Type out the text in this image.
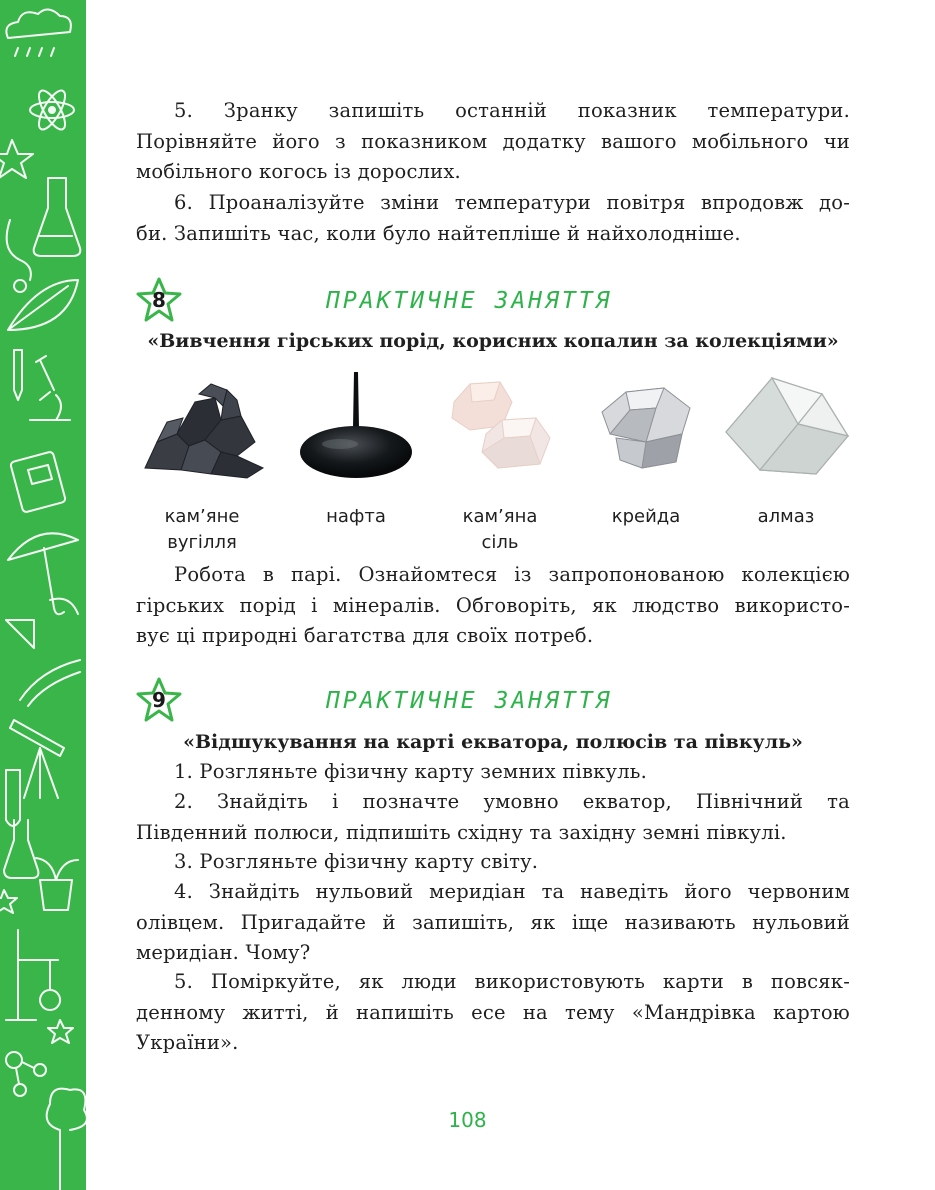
5. Зранку запишіть останній показник температури.
Порівняйте його з показником додатку вашого мобільного чи
мобільного когось із дорослих.
6. Проаналізуйте зміни температури повітря впродовж до-
би. Запишіть час, коли було найтепліше й найхолодніше.
8	ПРАКТИЧНЕ ЗАНЯТТЯ
«Вивчення гірських порід, корисних копалин за колекціями»
кам’яне
вугілля
нафта	кам’яна
сіль
крейда	алмаз
Робота в парі. Ознайомтеся із запропонованою колекцією
гірських порід і мінералів. Обговоріть, як людство використо-
вує ці природні багатства для своїх потреб.
9	ПРАКТИЧНЕ ЗАНЯТТЯ
«Відшукування на карті екватора, полюсів та півкуль»
1. Розгляньте фізичну карту земних півкуль.
2. Знайдіть і позначте умовно екватор, Північний та
Південний полюси, підпишіть східну та західну земні півкулі.
3. Розгляньте фізичну карту світу.
4. Знайдіть нульовий меридіан та наведіть його червоним
олівцем. Пригадайте й запишіть, як іще називають нульовий
меридіан. Чому?
5. Поміркуйте, як люди використовують карти в повсяк-
денному житті, й напишіть есе на тему «Мандрівка картою
України».
108
